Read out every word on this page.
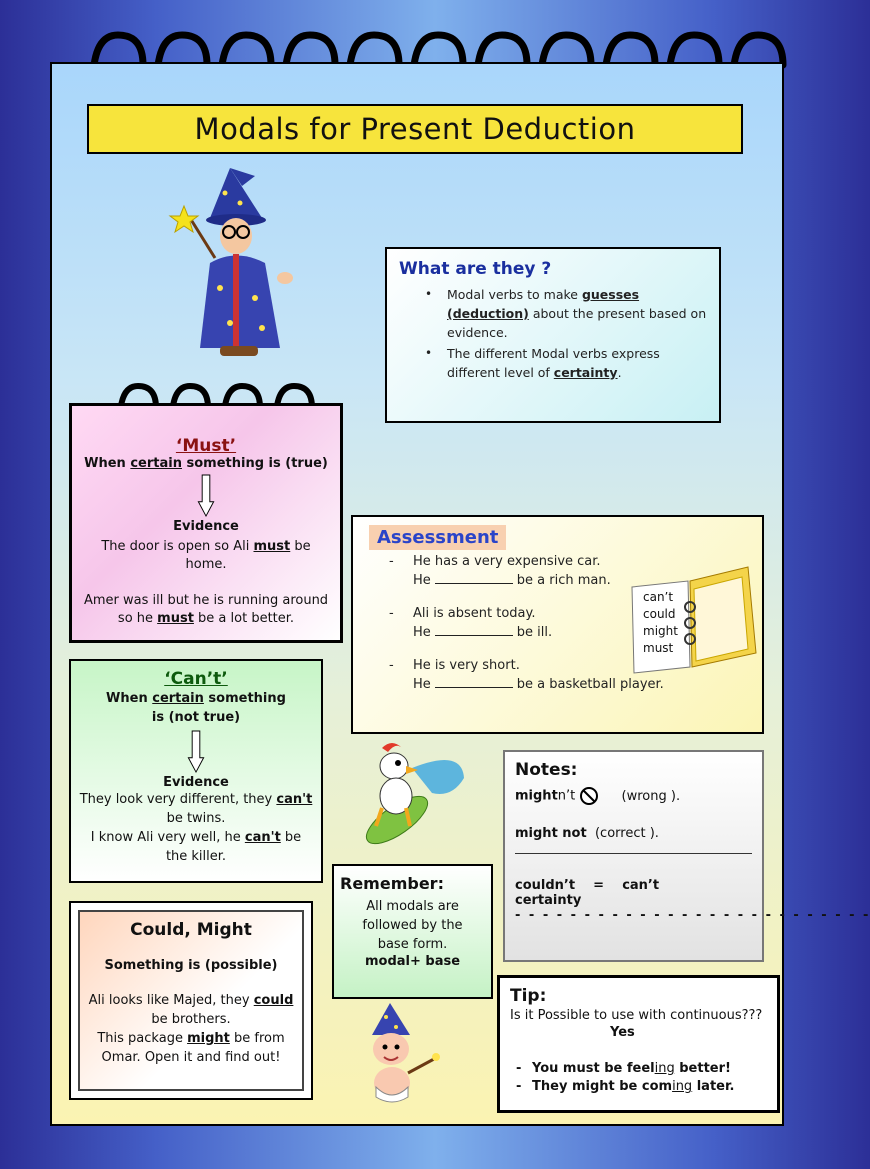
Modals for Present Deduction
What are they ?
• Modal verbs to make guesses (deduction) about the present based on evidence.
• The different Modal verbs express different level of certainty.
‘Must’

When certain something is (true)

Evidence

The door is open so Ali must be home.

Amer was ill but he is running around so he must be a lot better.

Assessment
- He has a very expensive car.
He	be a rich man.
- Ali is absent today.
He	be ill.
- He is very short.
He	be a basketball player.
can’t
could
might
must
‘Can’t’

When certain something is (not true)

Evidence

They look very different, they can't be twins.

I know Ali very well, he can't be the killer.

Notes:

mightn’t	(wrong ).

might not (correct ).

couldn’t = can’tcertainty

- - - - - - - - - - - - - - - - - - - - - - - - - -
Could, Might

Something is (possible)

Ali looks like Majed, they could be brothers.

This package might be from Omar. Open it and find out!

Remember:

All modals are followed by the base form.

modal+ base

Tip:

Is it Possible to use with continuous???

Yes

- You must be feeling better!

- They might be coming later.
